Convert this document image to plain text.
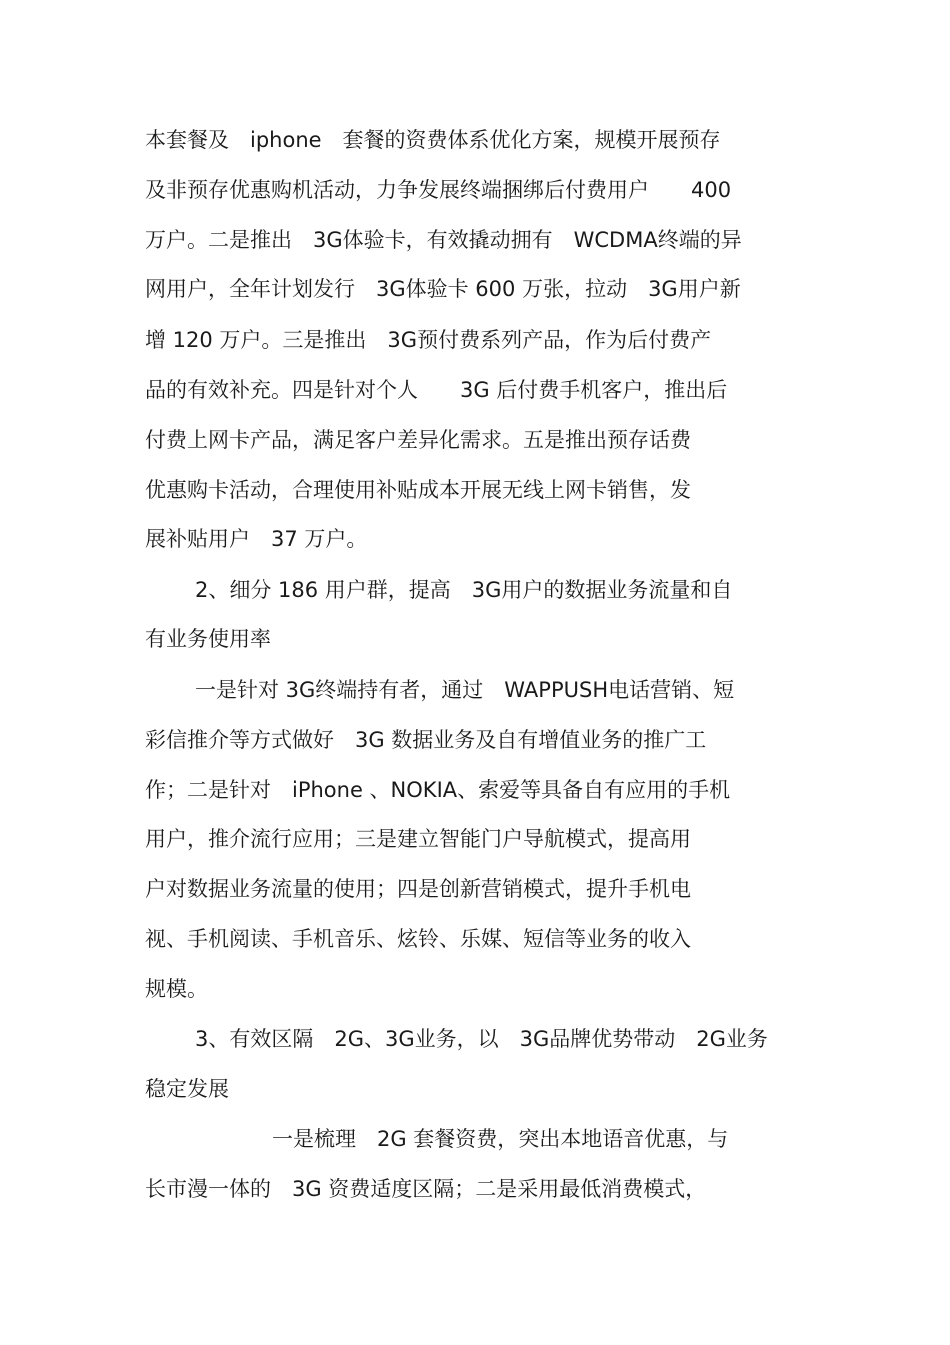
本套餐及　iphone　套餐的资费体系优化方案，规模开展预存
及非预存优惠购机活动，力争发展终端捆绑后付费用户　　400
万户。二是推出　3G体验卡，有效撬动拥有　WCDMA终端的异
网用户，全年计划发行　3G体验卡 600 万张，拉动　3G用户新
增 120 万户。三是推出　3G预付费系列产品，作为后付费产
品的有效补充。四是针对个人　　3G 后付费手机客户，推出后
付费上网卡产品，满足客户差异化需求。五是推出预存话费
优惠购卡活动，合理使用补贴成本开展无线上网卡销售，发
展补贴用户　37 万户。
2、细分 186 用户群，提高　3G用户的数据业务流量和自
有业务使用率
一是针对 3G终端持有者，通过　WAPPUSH电话营销、短
彩信推介等方式做好　3G 数据业务及自有增值业务的推广工
作；二是针对　iPhone 、NOKIA、索爱等具备自有应用的手机
用户，推介流行应用；三是建立智能门户导航模式，提高用
户对数据业务流量的使用；四是创新营销模式，提升手机电
视、手机阅读、手机音乐、炫铃、乐媒、短信等业务的收入
规模。
3、有效区隔　2G、3G业务，以　3G品牌优势带动　2G业务
稳定发展
一是梳理　2G 套餐资费，突出本地语音优惠，与
长市漫一体的　3G 资费适度区隔；二是采用最低消费模式，
